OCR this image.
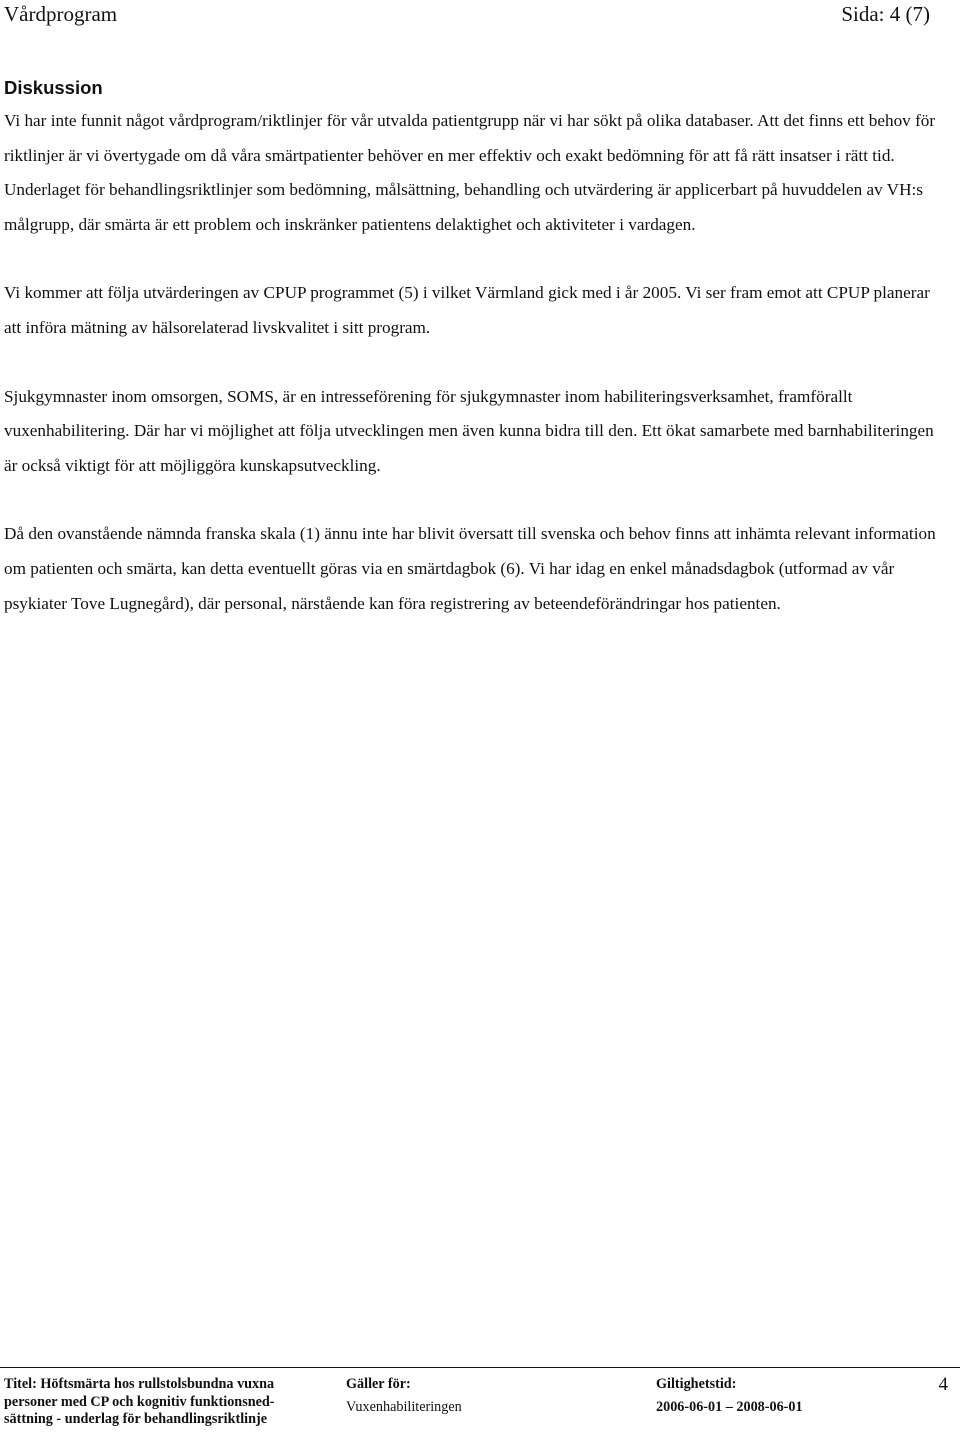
Vårdprogram	Sida: 4 (7)
Diskussion

Vi har inte funnit något vårdprogram/riktlinjer för vår utvalda patientgrupp när vi har sökt på olika databaser. Att det finns ett behov för riktlinjer är vi övertygade om då våra smärtpatienter behöver en mer effektiv och exakt bedömning för att få rätt insatser i rätt tid. Underlaget för behandlingsriktlinjer som bedömning, målsättning, behandling och utvärdering är applicerbart på huvuddelen av VH:s målgrupp, där smärta är ett problem och inskränker patientens delaktighet och aktiviteter i vardagen.

Vi kommer att följa utvärderingen av CPUP programmet (5) i vilket Värmland gick med i år 2005. Vi ser fram emot att CPUP planerar att införa mätning av hälsorelaterad livskvalitet i sitt program.

Sjukgymnaster inom omsorgen, SOMS, är en intresseförening för sjukgymnaster inom habiliteringsverksamhet, framförallt vuxenhabilitering. Där har vi möjlighet att följa utvecklingen men även kunna bidra till den. Ett ökat samarbete med barnhabiliteringen är också viktigt för att möjliggöra kunskapsutveckling.

Då den ovanstående nämnda franska skala (1) ännu inte har blivit översatt till svenska och behov finns att inhämta relevant information om patienten och smärta, kan detta eventuellt göras via en smärtdagbok (6). Vi har idag en enkel månadsdagbok (utformad av vår psykiater Tove Lugnegård), där personal, närstående kan föra registrering av beteendeförändringar hos patienten.

Titel: Höftsmärta hos rullstolsbundna vuxna
personer med CP och kognitiv funktionsned-
sättning - underlag för behandlingsriktlinje
Gäller för:
Vuxenhabiliteringen
Giltighetstid:
2006-06-01 – 2008-06-01
4
